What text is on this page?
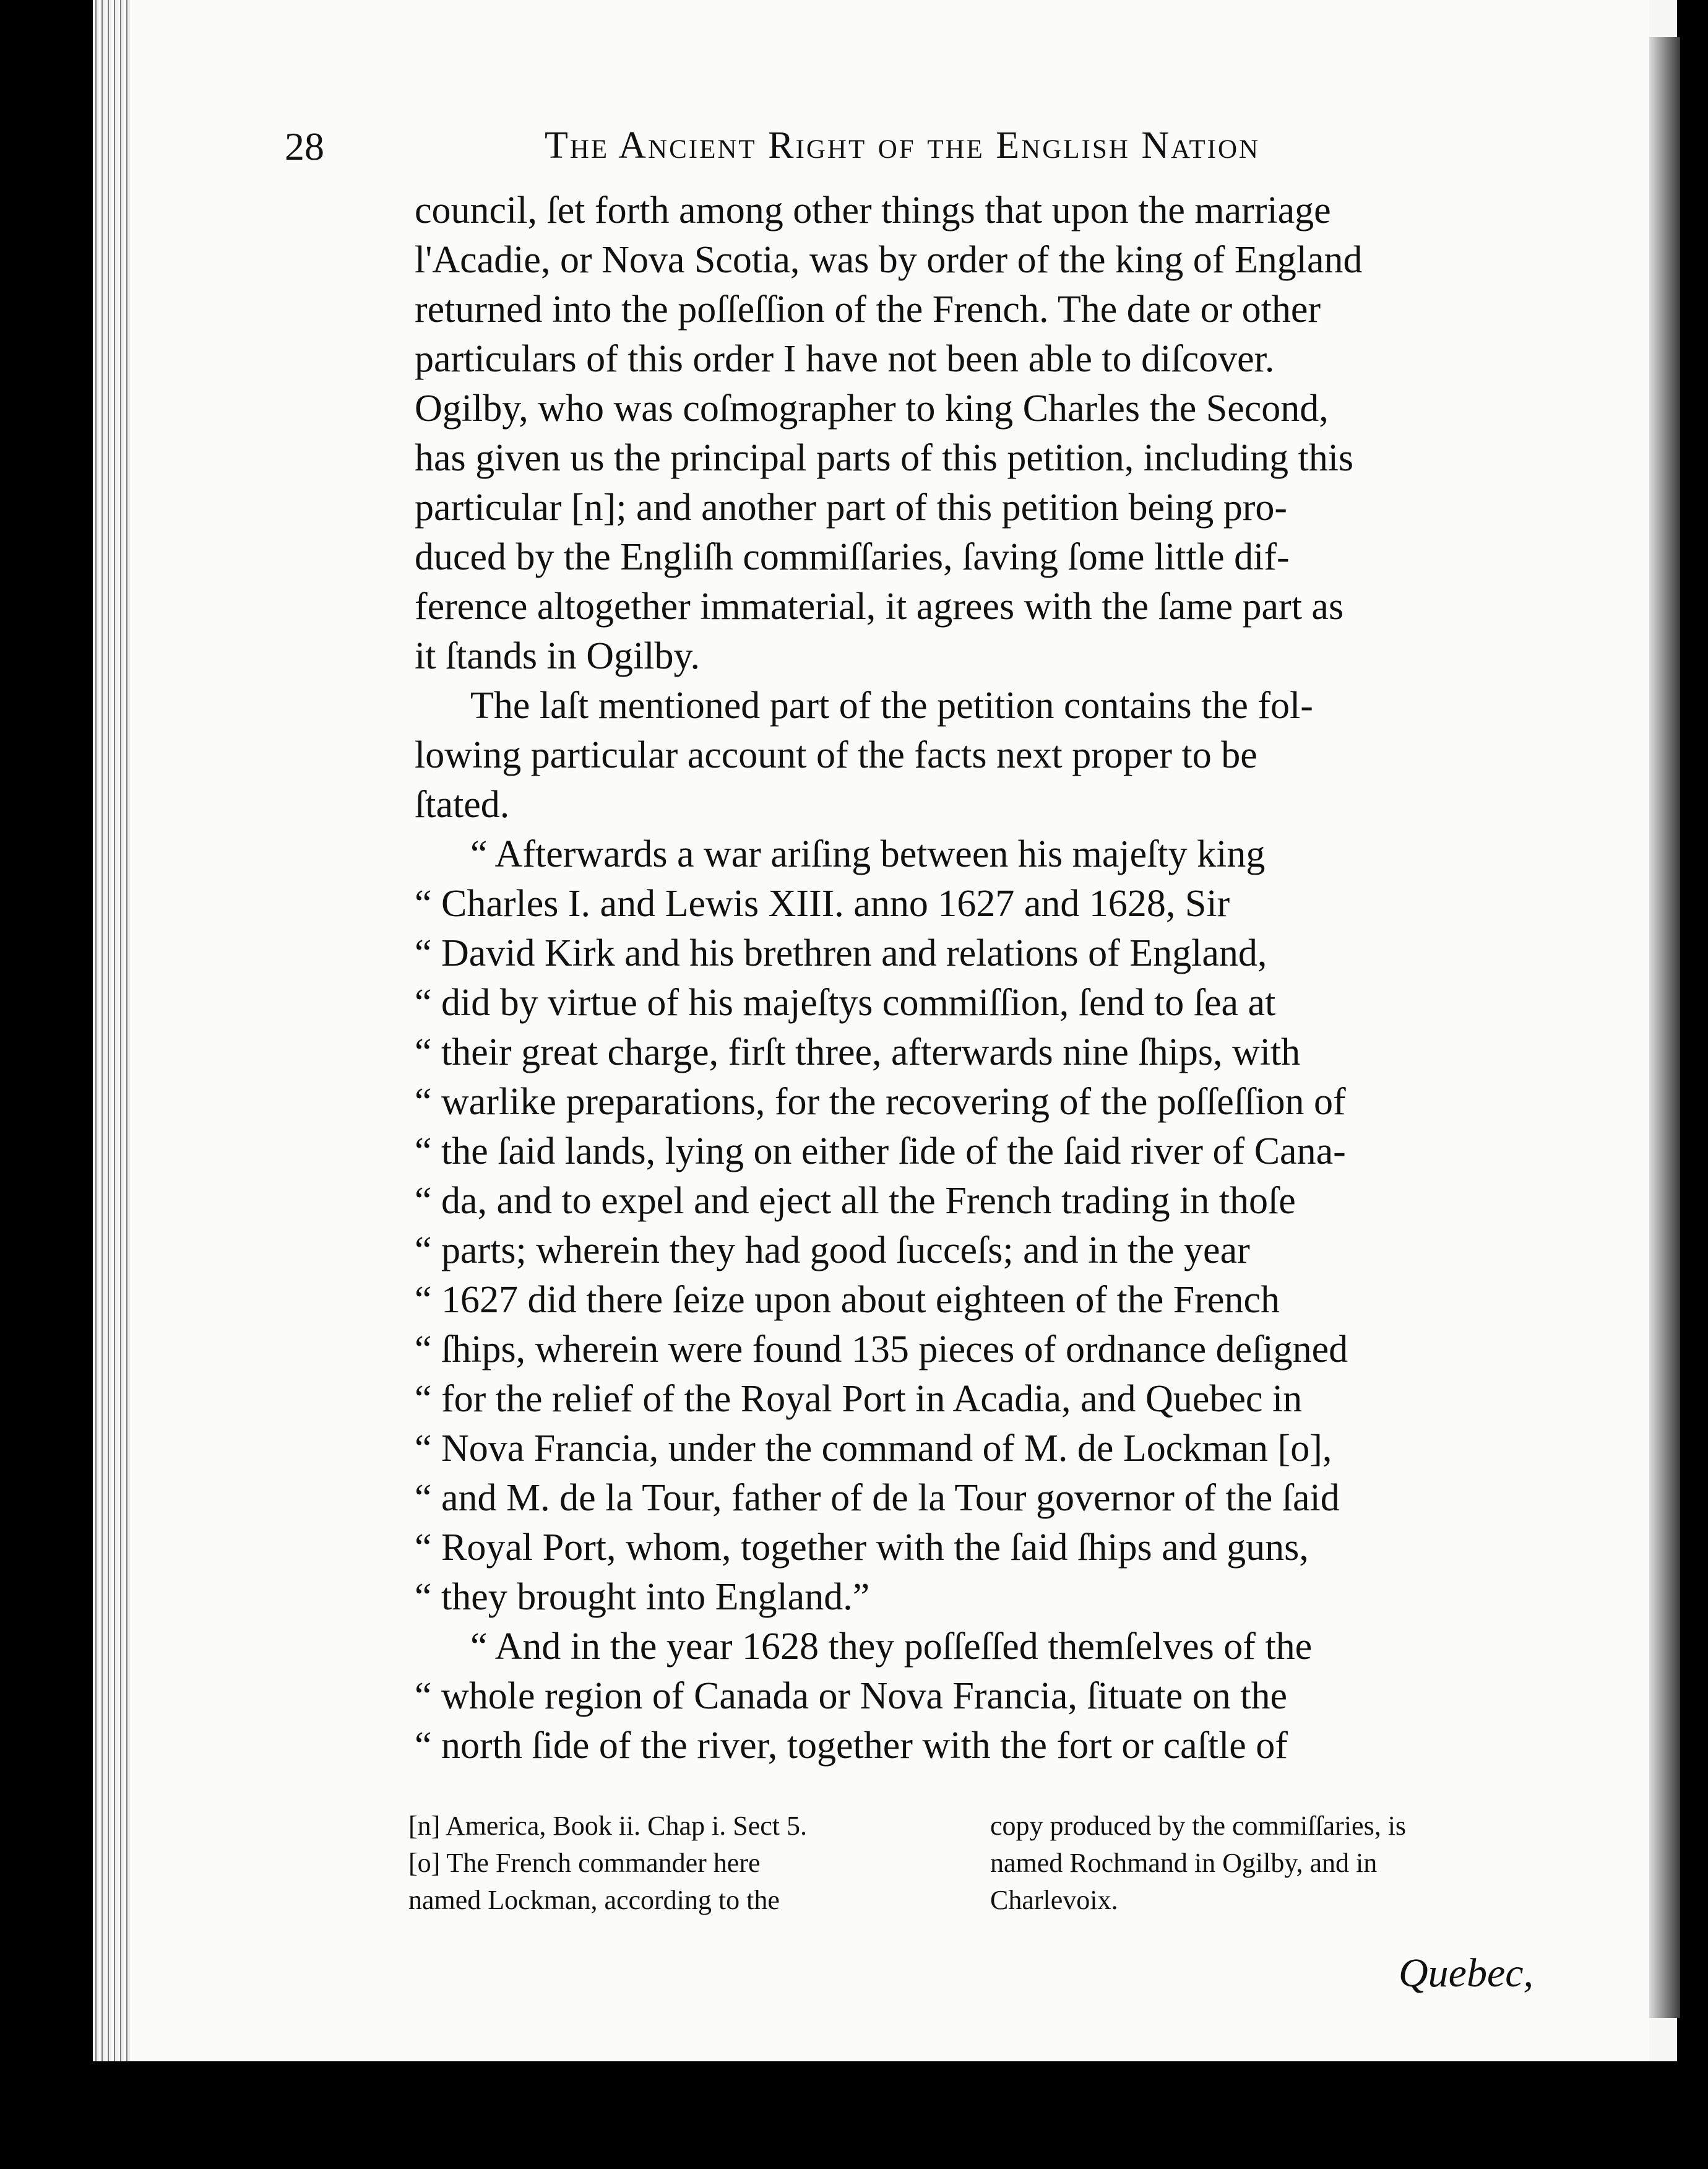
28	The Ancient Right of the English Nation
council, ſet forth among other things that upon the marriage
l'Acadie, or Nova Scotia, was by order of the king of England
returned into the poſſeſſion of the French. The date or other
particulars of this order I have not been able to diſcover.
Ogilby, who was coſmographer to king Charles the Second,
has given us the principal parts of this petition, including this
particular [n]; and another part of this petition being pro-
duced by the Engliſh commiſſaries, ſaving ſome little dif-
ference altogether immaterial, it agrees with the ſame part as
it ſtands in Ogilby.
The laſt mentioned part of the petition contains the fol-
lowing particular account of the facts next proper to be
ſtated.
“ Afterwards a war ariſing between his majeſty king
“ Charles I. and Lewis XIII. anno 1627 and 1628, Sir
“ David Kirk and his brethren and relations of England,
“ did by virtue of his majeſtys commiſſion, ſend to ſea at
“ their great charge, firſt three, afterwards nine ſhips, with
“ warlike preparations, for the recovering of the poſſeſſion of
“ the ſaid lands, lying on either ſide of the ſaid river of Cana-
“ da, and to expel and eject all the French trading in thoſe
“ parts; wherein they had good ſucceſs; and in the year
“ 1627 did there ſeize upon about eighteen of the French
“ ſhips, wherein were found 135 pieces of ordnance deſigned
“ for the relief of the Royal Port in Acadia, and Quebec in
“ Nova Francia, under the command of M. de Lockman [o],
“ and M. de la Tour, father of de la Tour governor of the ſaid
“ Royal Port, whom, together with the ſaid ſhips and guns,
“ they brought into England.”
“ And in the year 1628 they poſſeſſed themſelves of the
“ whole region of Canada or Nova Francia, ſituate on the
“ north ſide of the river, together with the fort or caſtle of
[n] America, Book ii. Chap i. Sect 5.
[o] The French commander here
named Lockman, according to the
copy produced by the commiſſaries, is
named Rochmand in Ogilby, and in
Charlevoix.
Quebec,
